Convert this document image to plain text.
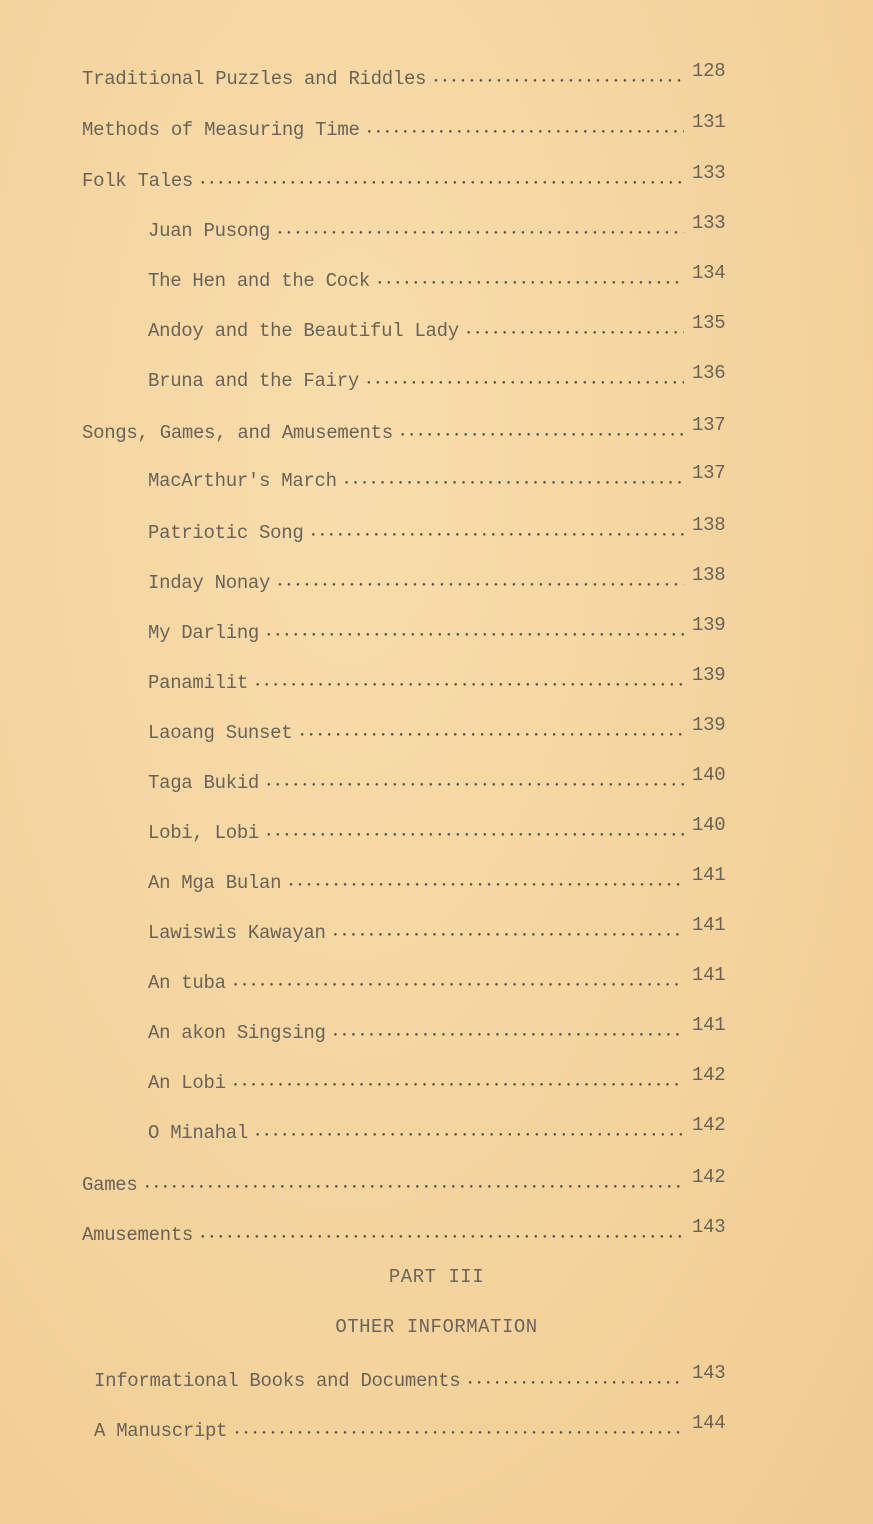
Traditional Puzzles and Riddles ●●●●●●●●●●●●●●●●●●●●●●●●●●●●●●●●●●●●●●●●●●●●●●●●●●●●●●●●●●●●●●●●●●●●●●●●●●●●●	128
Methods of Measuring Time ●●●●●●●●●●●●●●●●●●●●●●●●●●●●●●●●●●●●●●●●●●●●●●●●●●●●●●●●●●●●●●●●●●●●●●●●●●●●●	131
Folk Tales ●●●●●●●●●●●●●●●●●●●●●●●●●●●●●●●●●●●●●●●●●●●●●●●●●●●●●●●●●●●●●●●●●●●●●●●●●●●●●	133
Juan Pusong ●●●●●●●●●●●●●●●●●●●●●●●●●●●●●●●●●●●●●●●●●●●●●●●●●●●●●●●●●●●●●●●●●●●●●●●●●●●●●	133
The Hen and the Cock ●●●●●●●●●●●●●●●●●●●●●●●●●●●●●●●●●●●●●●●●●●●●●●●●●●●●●●●●●●●●●●●●●●●●●●●●●●●●●	134
Andoy and the Beautiful Lady ●●●●●●●●●●●●●●●●●●●●●●●●●●●●●●●●●●●●●●●●●●●●●●●●●●●●●●●●●●●●●●●●●●●●●●●●●●●●●	135
Bruna and the Fairy ●●●●●●●●●●●●●●●●●●●●●●●●●●●●●●●●●●●●●●●●●●●●●●●●●●●●●●●●●●●●●●●●●●●●●●●●●●●●●	136
Songs, Games, and Amusements ●●●●●●●●●●●●●●●●●●●●●●●●●●●●●●●●●●●●●●●●●●●●●●●●●●●●●●●●●●●●●●●●●●●●●●●●●●●●●	137
MacArthur's March ●●●●●●●●●●●●●●●●●●●●●●●●●●●●●●●●●●●●●●●●●●●●●●●●●●●●●●●●●●●●●●●●●●●●●●●●●●●●●	137
Patriotic Song ●●●●●●●●●●●●●●●●●●●●●●●●●●●●●●●●●●●●●●●●●●●●●●●●●●●●●●●●●●●●●●●●●●●●●●●●●●●●●	138
Inday Nonay ●●●●●●●●●●●●●●●●●●●●●●●●●●●●●●●●●●●●●●●●●●●●●●●●●●●●●●●●●●●●●●●●●●●●●●●●●●●●●	138
My Darling ●●●●●●●●●●●●●●●●●●●●●●●●●●●●●●●●●●●●●●●●●●●●●●●●●●●●●●●●●●●●●●●●●●●●●●●●●●●●●	139
Panamilit ●●●●●●●●●●●●●●●●●●●●●●●●●●●●●●●●●●●●●●●●●●●●●●●●●●●●●●●●●●●●●●●●●●●●●●●●●●●●●	139
Laoang Sunset ●●●●●●●●●●●●●●●●●●●●●●●●●●●●●●●●●●●●●●●●●●●●●●●●●●●●●●●●●●●●●●●●●●●●●●●●●●●●●	139
Taga Bukid ●●●●●●●●●●●●●●●●●●●●●●●●●●●●●●●●●●●●●●●●●●●●●●●●●●●●●●●●●●●●●●●●●●●●●●●●●●●●●	140
Lobi, Lobi ●●●●●●●●●●●●●●●●●●●●●●●●●●●●●●●●●●●●●●●●●●●●●●●●●●●●●●●●●●●●●●●●●●●●●●●●●●●●●	140
An Mga Bulan ●●●●●●●●●●●●●●●●●●●●●●●●●●●●●●●●●●●●●●●●●●●●●●●●●●●●●●●●●●●●●●●●●●●●●●●●●●●●●	141
Lawiswis Kawayan ●●●●●●●●●●●●●●●●●●●●●●●●●●●●●●●●●●●●●●●●●●●●●●●●●●●●●●●●●●●●●●●●●●●●●●●●●●●●●	141
An tuba ●●●●●●●●●●●●●●●●●●●●●●●●●●●●●●●●●●●●●●●●●●●●●●●●●●●●●●●●●●●●●●●●●●●●●●●●●●●●●	141
An akon Singsing ●●●●●●●●●●●●●●●●●●●●●●●●●●●●●●●●●●●●●●●●●●●●●●●●●●●●●●●●●●●●●●●●●●●●●●●●●●●●●	141
An Lobi ●●●●●●●●●●●●●●●●●●●●●●●●●●●●●●●●●●●●●●●●●●●●●●●●●●●●●●●●●●●●●●●●●●●●●●●●●●●●●	142
O Minahal ●●●●●●●●●●●●●●●●●●●●●●●●●●●●●●●●●●●●●●●●●●●●●●●●●●●●●●●●●●●●●●●●●●●●●●●●●●●●●	142
Games ●●●●●●●●●●●●●●●●●●●●●●●●●●●●●●●●●●●●●●●●●●●●●●●●●●●●●●●●●●●●●●●●●●●●●●●●●●●●●	142
Amusements ●●●●●●●●●●●●●●●●●●●●●●●●●●●●●●●●●●●●●●●●●●●●●●●●●●●●●●●●●●●●●●●●●●●●●●●●●●●●●	143
PART III
OTHER INFORMATION
Informational Books and Documents ●●●●●●●●●●●●●●●●●●●●●●●●●●●●●●●●●●●●●●●●●●●●●●●●●●●●●●●●●●●●●●●●●●●●●●●●●●●●●	143
A Manuscript ●●●●●●●●●●●●●●●●●●●●●●●●●●●●●●●●●●●●●●●●●●●●●●●●●●●●●●●●●●●●●●●●●●●●●●●●●●●●●	144
